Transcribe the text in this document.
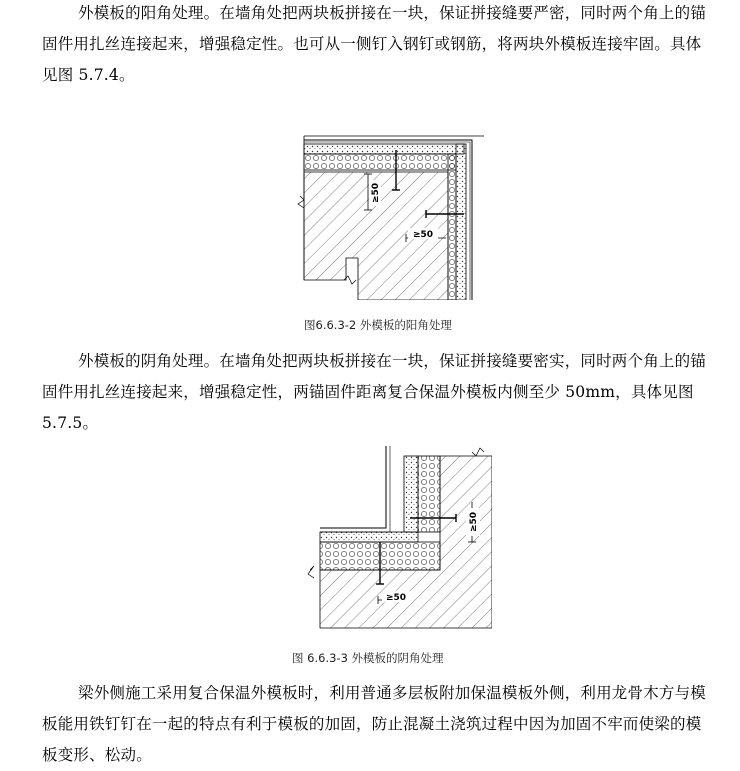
外模板的阳角处理。在墙角处把两块板拼接在一块，保证拼接缝要严密，同时两个角上的锚固件用扎丝连接起来，增强稳定性。也可从一侧钉入钢钉或钢筋，将两块外模板连接牢固。具体见图 5.7.4。

≥50
≥50
图6.6.3-2 外模板的阳角处理

外模板的阴角处理。在墙角处把两块板拼接在一块，保证拼接缝要密实，同时两个角上的锚固件用扎丝连接起来，增强稳定性，两锚固件距离复合保温外模板内侧至少 50mm，具体见图 5.7.5。

≥50
≥50
图 6.6.3-3 外模板的阴角处理

梁外侧施工采用复合保温外模板时，利用普通多层板附加保温模板外侧，利用龙骨木方与模板能用铁钉钉在一起的特点有利于模板的加固，防止混凝土浇筑过程中因为加固不牢而使梁的模板变形、松动。
